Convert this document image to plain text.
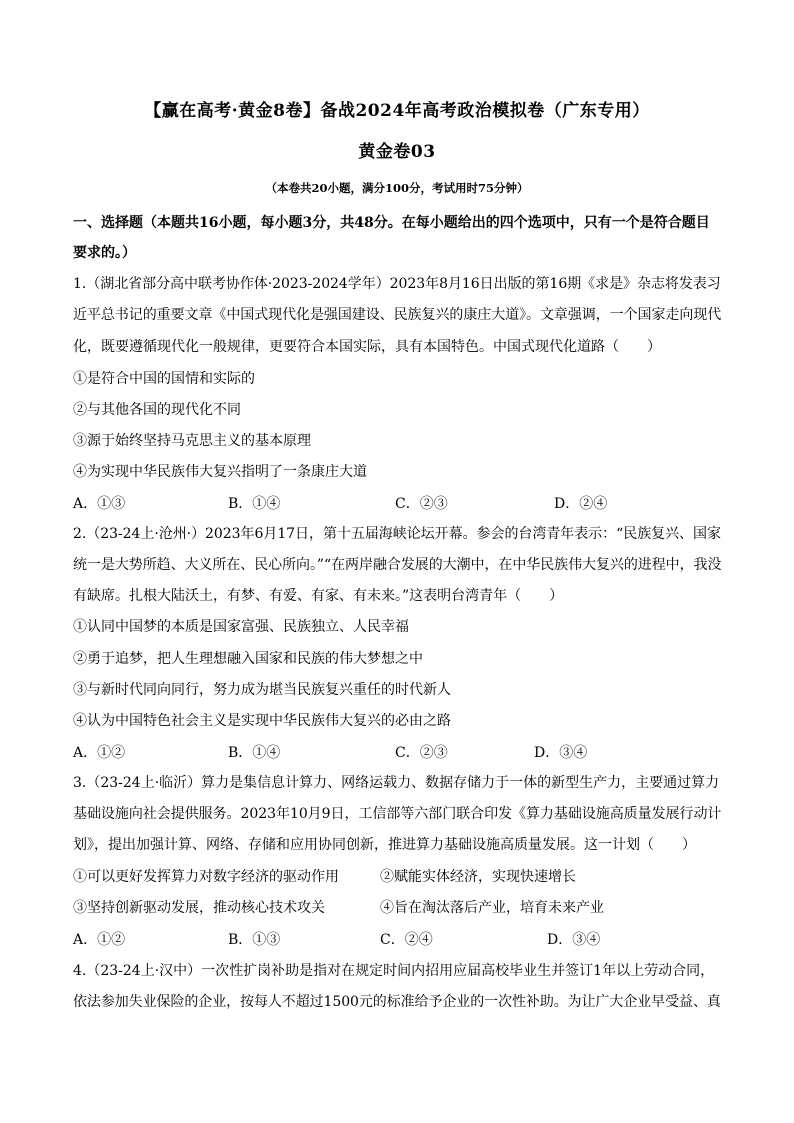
【赢在高考·黄金8卷】备战2024年高考政治模拟卷（广东专用）
黄金卷03
（本卷共20小题，满分100分，考试用时75分钟）
一、选择题（本题共16小题，每小题3分，共48分。在每小题给出的四个选项中，只有一个是符合题目
要求的。）
1.（湖北省部分高中联考协作体·2023-2024学年）2023年8月16日出版的第16期《求是》杂志将发表习
近平总书记的重要文章《中国式现代化是强国建设、民族复兴的康庄大道》。文章强调，一个国家走向现代
化，既要遵循现代化一般规律，更要符合本国实际，具有本国特色。中国式现代化道路（　　）
①是符合中国的国情和实际的
②与其他各国的现代化不同
③源于始终坚持马克思主义的基本原理
④为实现中华民族伟大复兴指明了一条康庄大道
A．①③	B．①④	C．②③	D．②④
2.（23-24上·沧州·）2023年6月17日，第十五届海峡论坛开幕。参会的台湾青年表示：“民族复兴、国家
统一是大势所趋、大义所在、民心所向。”“在两岸融合发展的大潮中，在中华民族伟大复兴的进程中，我没
有缺席。扎根大陆沃土，有梦、有爱、有家、有未来。”这表明台湾青年（　　）
①认同中国梦的本质是国家富强、民族独立、人民幸福
②勇于追梦，把人生理想融入国家和民族的伟大梦想之中
③与新时代同向同行，努力成为堪当民族复兴重任的时代新人
④认为中国特色社会主义是实现中华民族伟大复兴的必由之路
A．①②	B．①④	C．②③	D．③④
3.（23-24上·临沂）算力是集信息计算力、网络运载力、数据存储力于一体的新型生产力，主要通过算力
基础设施向社会提供服务。2023年10月9日，工信部等六部门联合印发《算力基础设施高质量发展行动计
划》，提出加强计算、网络、存储和应用协同创新，推进算力基础设施高质量发展。这一计划（　　）
①可以更好发挥算力对数字经济的驱动作用	②赋能实体经济，实现快速增长
③坚持创新驱动发展，推动核心技术攻关	④旨在淘汰落后产业，培育未来产业
A．①②	B．①③	C．②④	D．③④
4.（23-24上·汉中）一次性扩岗补助是指对在规定时间内招用应届高校毕业生并签订1年以上劳动合同，
依法参加失业保险的企业，按每人不超过1500元的标准给予企业的一次性补助。为让广大企业早受益、真
